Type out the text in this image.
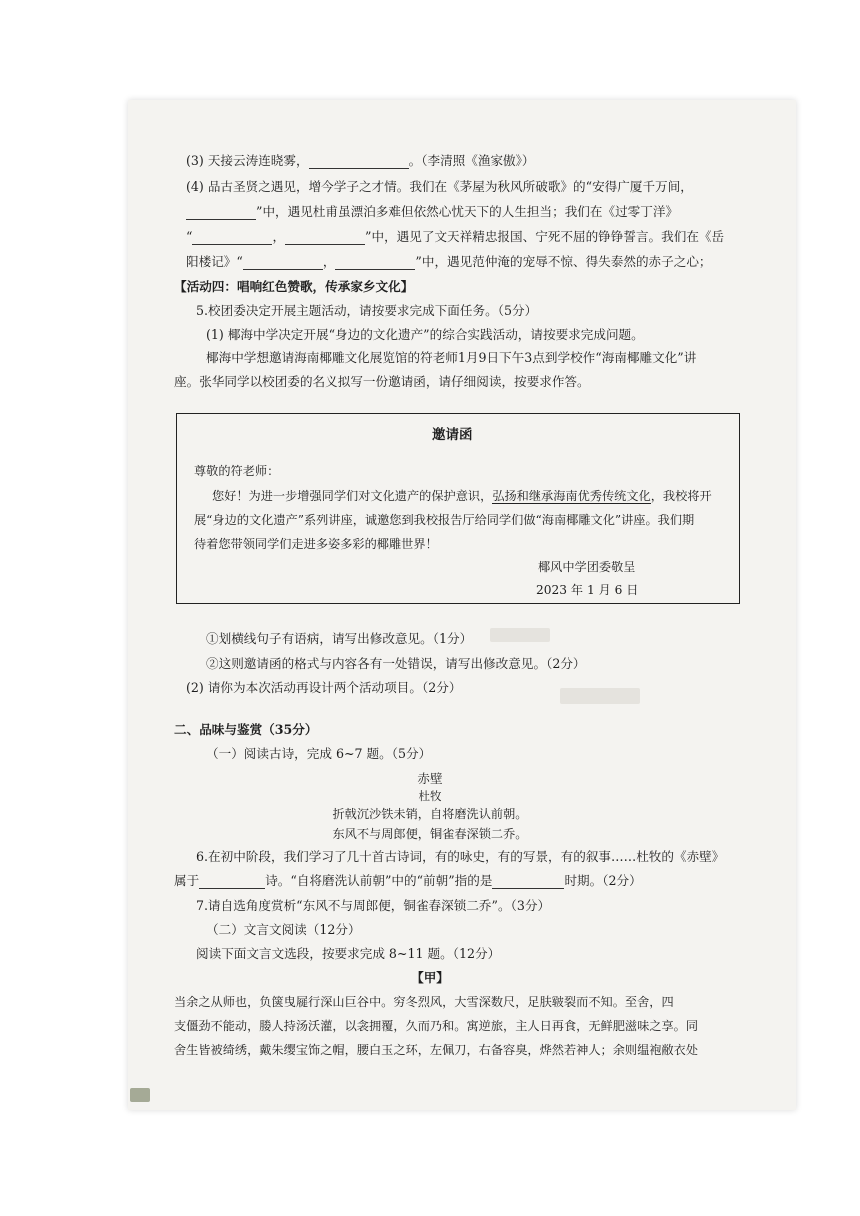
(3) 天接云涛连晓雾，	。（李清照《渔家傲》）
(4) 品古圣贤之遇见，增今学子之才情。我们在《茅屋为秋风所破歌》的“安得广厦千万间，
”中，遇见杜甫虽漂泊多难但依然心忧天下的人生担当；我们在《过零丁洋》
“	，	”中，遇见了文天祥精忠报国、宁死不屈的铮铮誓言。我们在《岳
阳楼记》“	，	”中，遇见范仲淹的宠辱不惊、得失泰然的赤子之心；
【活动四：唱响红色赞歌，传承家乡文化】
5.校团委决定开展主题活动，请按要求完成下面任务。（5分）
(1) 椰海中学决定开展“身边的文化遗产”的综合实践活动，请按要求完成问题。
椰海中学想邀请海南椰雕文化展览馆的符老师1月9日下午3点到学校作“海南椰雕文化”讲
座。张华同学以校团委的名义拟写一份邀请函，请仔细阅读，按要求作答。
邀请函
尊敬的符老师：
您好！为进一步增强同学们对文化遗产的保护意识，弘扬和继承海南优秀传统文化，我校将开
展“身边的文化遗产”系列讲座，诚邀您到我校报告厅给同学们做“海南椰雕文化”讲座。我们期
待着您带领同学们走进多姿多彩的椰雕世界！
椰风中学团委敬呈
2023 年 1 月 6 日
①划横线句子有语病，请写出修改意见。（1分）
②这则邀请函的格式与内容各有一处错误，请写出修改意见。（2分）
(2) 请你为本次活动再设计两个活动项目。（2分）
二、品味与鉴赏（35分）
（一）阅读古诗，完成 6~7 题。（5分）
赤壁
杜牧
折戟沉沙铁未销，自将磨洗认前朝。
东风不与周郎便，铜雀春深锁二乔。
6.在初中阶段，我们学习了几十首古诗词，有的咏史，有的写景，有的叙事……杜牧的《赤壁》
属于	诗。“自将磨洗认前朝”中的“前朝”指的是	时期。（2分）
7.请自选角度赏析“东风不与周郎便，铜雀春深锁二乔”。（3分）
（二）文言文阅读（12分）
阅读下面文言文选段，按要求完成 8~11 题。（12分）
【甲】
当余之从师也，负箧曳屣行深山巨谷中。穷冬烈风，大雪深数尺，足肤皲裂而不知。至舍，四
支僵劲不能动，媵人持汤沃灌，以衾拥覆，久而乃和。寓逆旅，主人日再食，无鲜肥滋味之享。同
舍生皆被绮绣，戴朱缨宝饰之帽，腰白玉之环，左佩刀，右备容臭，烨然若神人；余则缊袍敝衣处
